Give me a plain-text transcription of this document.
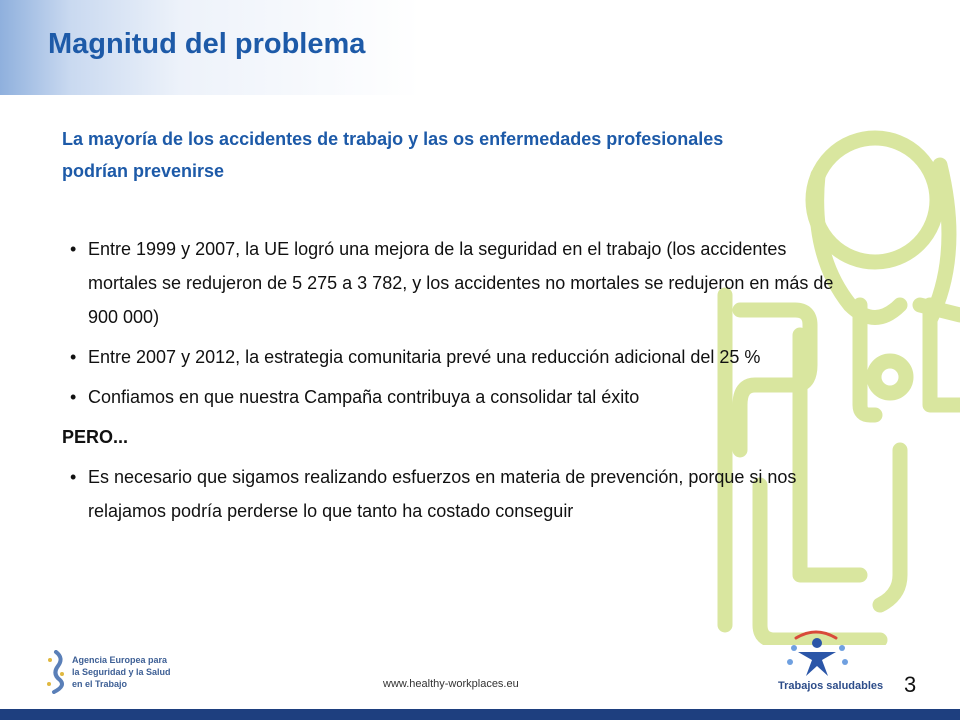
Magnitud del problema
La mayoría de los accidentes de trabajo y las os enfermedades profesionales podrían prevenirse
• Entre 1999 y 2007, la UE logró una mejora de la seguridad en el trabajo (los accidentes mortales se redujeron de 5 275 a 3 782, y los accidentes no mortales se redujeron en más de 900 000)
• Entre 2007 y 2012, la estrategia comunitaria prevé una reducción adicional del 25 %
• Confiamos en que nuestra Campaña contribuya a consolidar tal éxito
PERO...
• Es necesario que sigamos realizando esfuerzos en materia de prevención, porque si nos relajamos podría perderse lo que tanto ha costado conseguir
Agencia Europea para
la Seguridad y la Salud
en el Trabajo	www.healthy-workplaces.eu	Trabajos saludables 3
